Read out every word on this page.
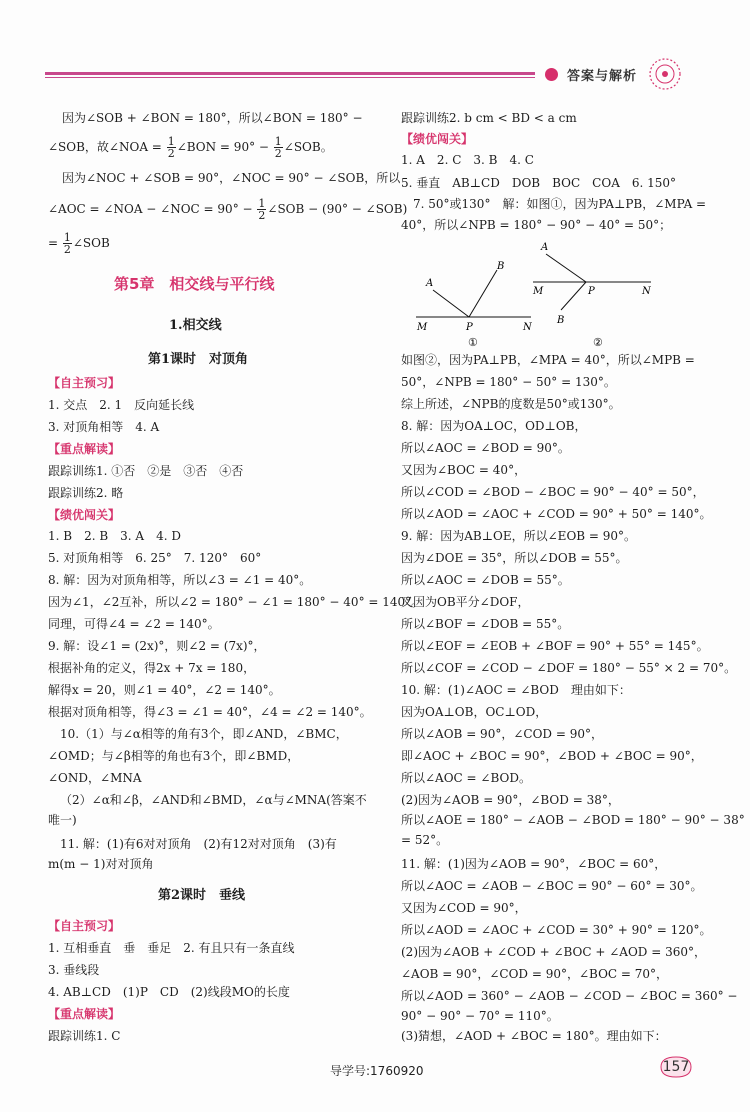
答案与解析
因为∠SOB + ∠BON = 180°，所以∠BON = 180° −
∠SOB，故∠NOA = $\frac{1}{2}$ ∠BON = $90^\circ - \frac{1}{2}$ ∠SOB。
因为∠NOC + ∠SOB = 90°，∠NOC = 90° − ∠SOB，所以
∠AOC = ∠NOA − ∠NOC = $90^\circ - \frac{1}{2}$ ∠SOB − (90° − ∠SOB)
= $\frac{1}{2}$ ∠SOB
第5章　相交线与平行线
1.相交线
第1课时　对顶角
【自主预习】
1. 交点　2. 1　反向延长线
3. 对顶角相等　4. A
【重点解读】
跟踪训练1. ①否　②是　③否　④否
跟踪训练2. 略
【绩优闯关】
1. B　2. B　3. A　4. D
5. 对顶角相等　6. 25°　7. 120°　60°
8. 解：因为对顶角相等，所以∠3 = ∠1 = 40°。
因为∠1，∠2互补，所以∠2 = 180° − ∠1 = 180° − 40° = 140°。
同理，可得∠4 = ∠2 = 140°。
9. 解：设∠1 = (2x)°，则∠2 = (7x)°，
根据补角的定义，得2x + 7x = 180，
解得x = 20，则∠1 = 40°，∠2 = 140°。
根据对顶角相等，得∠3 = ∠1 = 40°，∠4 = ∠2 = 140°。
10.（1）与∠α相等的角有3个，即∠AND，∠BMC，
∠OMD；与∠β相等的角也有3个，即∠BMD，
∠OND，∠MNA
（2）∠α和∠β，∠AND和∠BMD，∠α与∠MNA(答案不
唯一)
11. 解：(1)有6对对顶角　(2)有12对对顶角　(3)有
m(m − 1)对对顶角
第2课时　垂线
【自主预习】
1. 互相垂直　垂　垂足　2. 有且只有一条直线
3. 垂线段
4. AB⊥CD　(1)P　CD　(2)线段MO的长度
【重点解读】
跟踪训练1. C
跟踪训练2. b cm < BD < a cm
【绩优闯关】
1. A　2. C　3. B　4. C
5. 垂直　AB⊥CD　DOB　BOC　COA　6. 150°
7. 50°或130°　解：如图①，因为PA⊥PB，∠MPA =
40°，所以∠NPB = 180° − 90° − 40° = 50°；
如图②，因为PA⊥PB，∠MPA = 40°，所以∠MPB =
50°，∠NPB = 180° − 50° = 130°。
综上所述，∠NPB的度数是50°或130°。
8. 解：因为OA⊥OC，OD⊥OB，
所以∠AOC = ∠BOD = 90°。
又因为∠BOC = 40°，
所以∠COD = ∠BOD − ∠BOC = 90° − 40° = 50°，
所以∠AOD = ∠AOC + ∠COD = 90° + 50° = 140°。
9. 解：因为AB⊥OE，所以∠EOB = 90°。
因为∠DOE = 35°，所以∠DOB = 55°。
所以∠AOC = ∠DOB = 55°。
又因为OB平分∠DOF，
所以∠BOF = ∠DOB = 55°。
所以∠EOF = ∠EOB + ∠BOF = 90° + 55° = 145°。
所以∠COF = ∠COD − ∠DOF = 180° − 55° × 2 = 70°。
10. 解：(1)∠AOC = ∠BOD　理由如下：
因为OA⊥OB，OC⊥OD，
所以∠AOB = 90°，∠COD = 90°，
即∠AOC + ∠BOC = 90°，∠BOD + ∠BOC = 90°，
所以∠AOC = ∠BOD。
(2)因为∠AOB = 90°，∠BOD = 38°，
所以∠AOE = 180° − ∠AOB − ∠BOD = 180° − 90° − 38°
= 52°。
11. 解：(1)因为∠AOB = 90°，∠BOC = 60°，
所以∠AOC = ∠AOB − ∠BOC = 90° − 60° = 30°。
又因为∠COD = 90°，
所以∠AOD = ∠AOC + ∠COD = 30° + 90° = 120°。
(2)因为∠AOB + ∠COD + ∠BOC + ∠AOD = 360°，
∠AOB = 90°，∠COD = 90°，∠BOC = 70°，
所以∠AOD = 360° − ∠AOB − ∠COD − ∠BOC = 360° −
90° − 90° − 70° = 110°。
(3)猜想，∠AOD + ∠BOC = 180°。理由如下：
A
B
M	P	N
①
A
M	P	N
B
②
导学号:1760920	157
